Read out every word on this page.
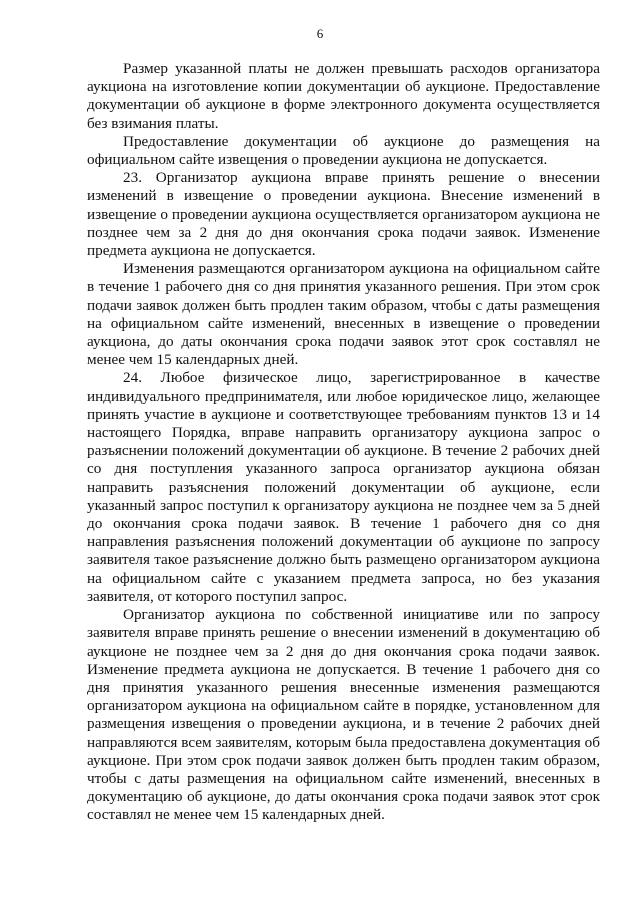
6

Размер указанной платы не должен превышать расходов организатора аукциона на изготовление копии документации об аукционе. Предоставление документации об аукционе в форме электронного документа осуществляется без взимания платы.

Предоставление документации об аукционе до размещения на официальном сайте извещения о проведении аукциона не допускается.

23. Организатор аукциона вправе принять решение о внесении изменений в извещение о проведении аукциона. Внесение изменений в извещение о проведении аукциона осуществляется организатором аукциона не позднее чем за 2 дня до дня окончания срока подачи заявок. Изменение предмета аукциона не допускается.

Изменения размещаются организатором аукциона на официальном сайте в течение 1 рабочего дня со дня принятия указанного решения. При этом срок подачи заявок должен быть продлен таким образом, чтобы с даты размещения на официальном сайте изменений, внесенных в извещение о проведении аукциона, до даты окончания срока подачи заявок этот срок составлял не менее чем 15 календарных дней.

24. Любое физическое лицо, зарегистрированное в качестве индивидуального предпринимателя, или любое юридическое лицо, желающее принять участие в аукционе и соответствующее требованиям пунктов 13 и 14 настоящего Порядка, вправе направить организатору аукциона запрос о разъяснении положений документации об аукционе. В течение 2 рабочих дней со дня поступления указанного запроса организатор аукциона обязан направить разъяснения положений документации об аукционе, если указанный запрос поступил к организатору аукциона не позднее чем за 5 дней до окончания срока подачи заявок. В течение 1 рабочего дня со дня направления разъяснения положений документации об аукционе по запросу заявителя такое разъяснение должно быть размещено организатором аукциона на официальном сайте с указанием предмета запроса, но без указания заявителя, от которого поступил запрос.

Организатор аукциона по собственной инициативе или по запросу заявителя вправе принять решение о внесении изменений в документацию об аукционе не позднее чем за 2 дня до дня окончания срока подачи заявок. Изменение предмета аукциона не допускается. В течение 1 рабочего дня со дня принятия указанного решения внесенные изменения размещаются организатором аукциона на официальном сайте в порядке, установленном для размещения извещения о проведении аукциона, и в течение 2 рабочих дней направляются всем заявителям, которым была предоставлена документация об аукционе. При этом срок подачи заявок должен быть продлен таким образом, чтобы с даты размещения на официальном сайте изменений, внесенных в документацию об аукционе, до даты окончания срока подачи заявок этот срок составлял не менее чем 15 календарных дней.
